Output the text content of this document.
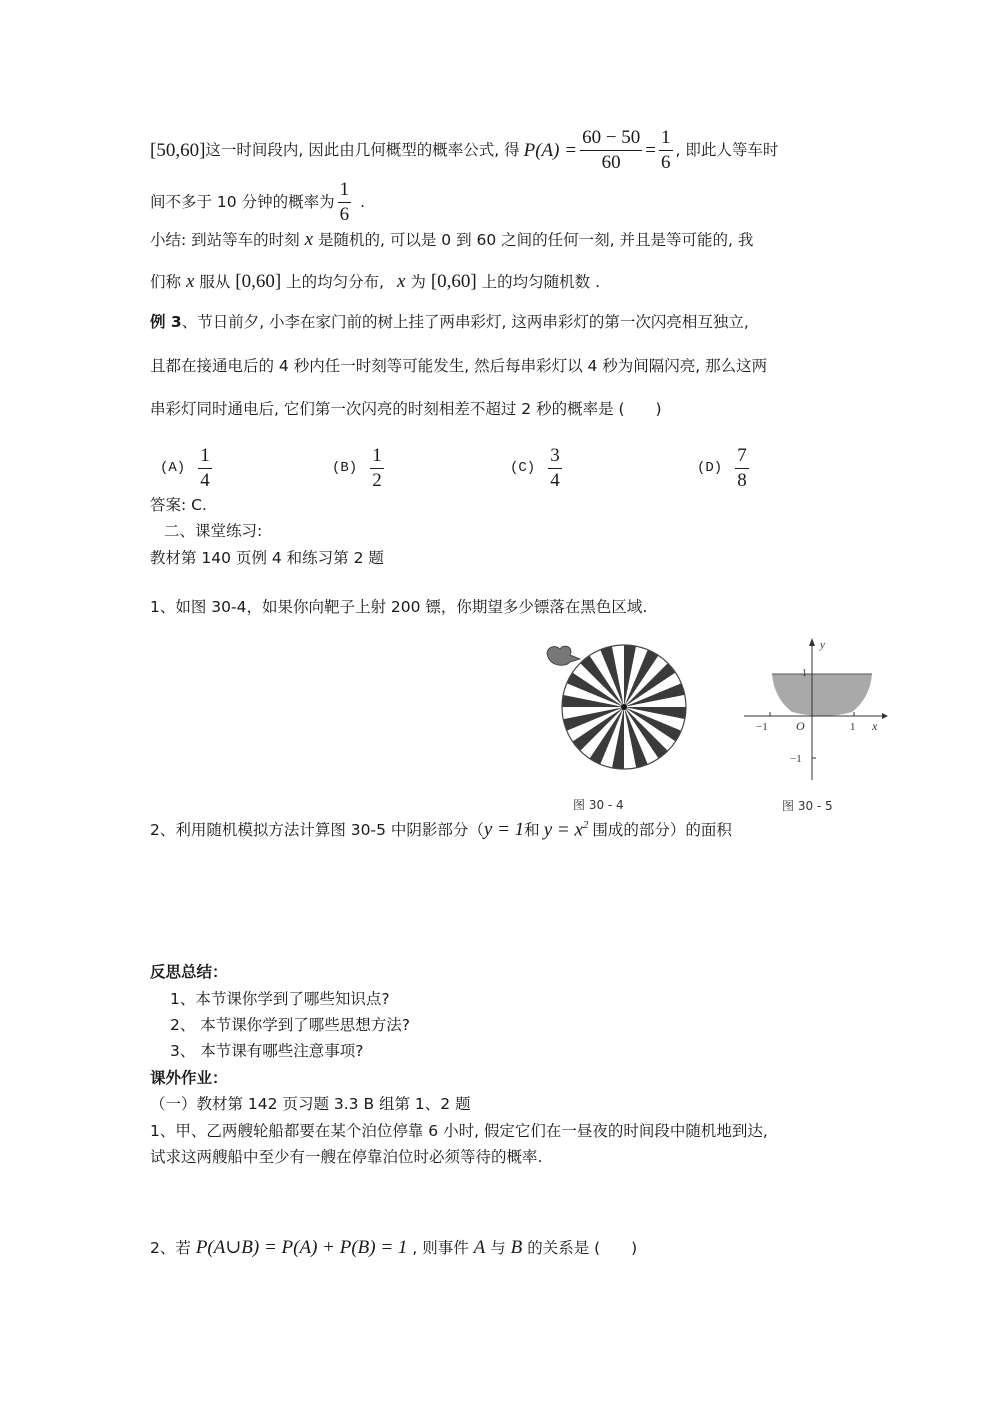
[50,60] 这一时间段内, 因此由几何概型的概率公式, 得 $P(A) = \frac{60 - 50}{60} = \frac{1}{6}$ , 即此人等车时
间不多于 10 分钟的概率为 $\frac{1}{6}$ .
小结: 到站等车的时刻 x 是随机的, 可以是 0 到 60 之间的任何一刻, 并且是等可能的, 我
们称 x 服从 [0,60] 上的均匀分布, x 为 [0,60] 上的均匀随机数 .
例 3、节日前夕, 小李在家门前的树上挂了两串彩灯, 这两串彩灯的第一次闪亮相互独立,
且都在接通电后的 4 秒内任一时刻等可能发生, 然后每串彩灯以 4 秒为间隔闪亮, 那么这两
串彩灯同时通电后, 它们第一次闪亮的时刻相差不超过 2 秒的概率是 (　　)
$(A) \frac{1}{4}$	$(B) \frac{1}{2}$	$(C) \frac{3}{4}$	$(D) \frac{7}{8}$
答案: C.
二、课堂练习:
教材第 140 页例 4 和练习第 2 题
1、如图 30-4，如果你向靶子上射 200 镖，你期望多少镖落在黑色区域.
图 30 - 4
y
1
−1 O	1 x
−1
图 30 - 5
2、利用随机模拟方法计算图 30-5 中阴影部分（ y = 1 和 $y = x^2$ 围成的部分）的面积
反思总结：
1、本节课你学到了哪些知识点?
2、 本节课你学到了哪些思想方法?
3、 本节课有哪些注意事项?
课外作业：
（一）教材第 142 页习题 3.3 B 组第 1、2 题
1、甲、乙两艘轮船都要在某个泊位停靠 6 小时, 假定它们在一昼夜的时间段中随机地到达,
试求这两艘船中至少有一艘在停靠泊位时必须等待的概率.
2、若 P(A∪B) = P(A) + P(B) = 1 , 则事件 A 与 B 的关系是 (　　)
